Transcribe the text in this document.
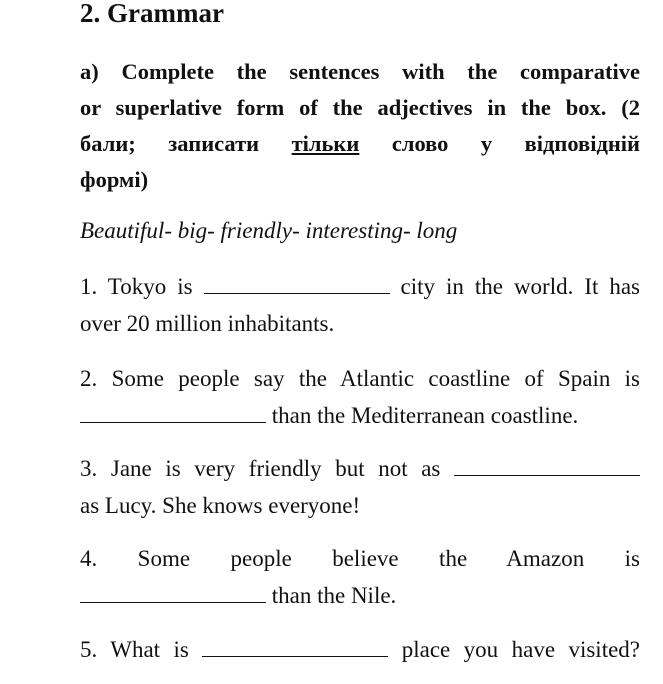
2. Grammar
a) Complete the sentences with the comparative
or superlative form of the adjectives in the box. (2
бали; записати тільки слово у відповідній
формі)
Beautiful- big- friendly- interesting- long
1. Tokyo is	city in the world. It has
over 20 million inhabitants.
2. Some people say the Atlantic coastline of Spain is
than the Mediterranean coastline.
3. Jane is very friendly but not as
as Lucy. She knows everyone!
4. Some people believe the Amazon is
than the Nile.
5. What is	place you have visited?
